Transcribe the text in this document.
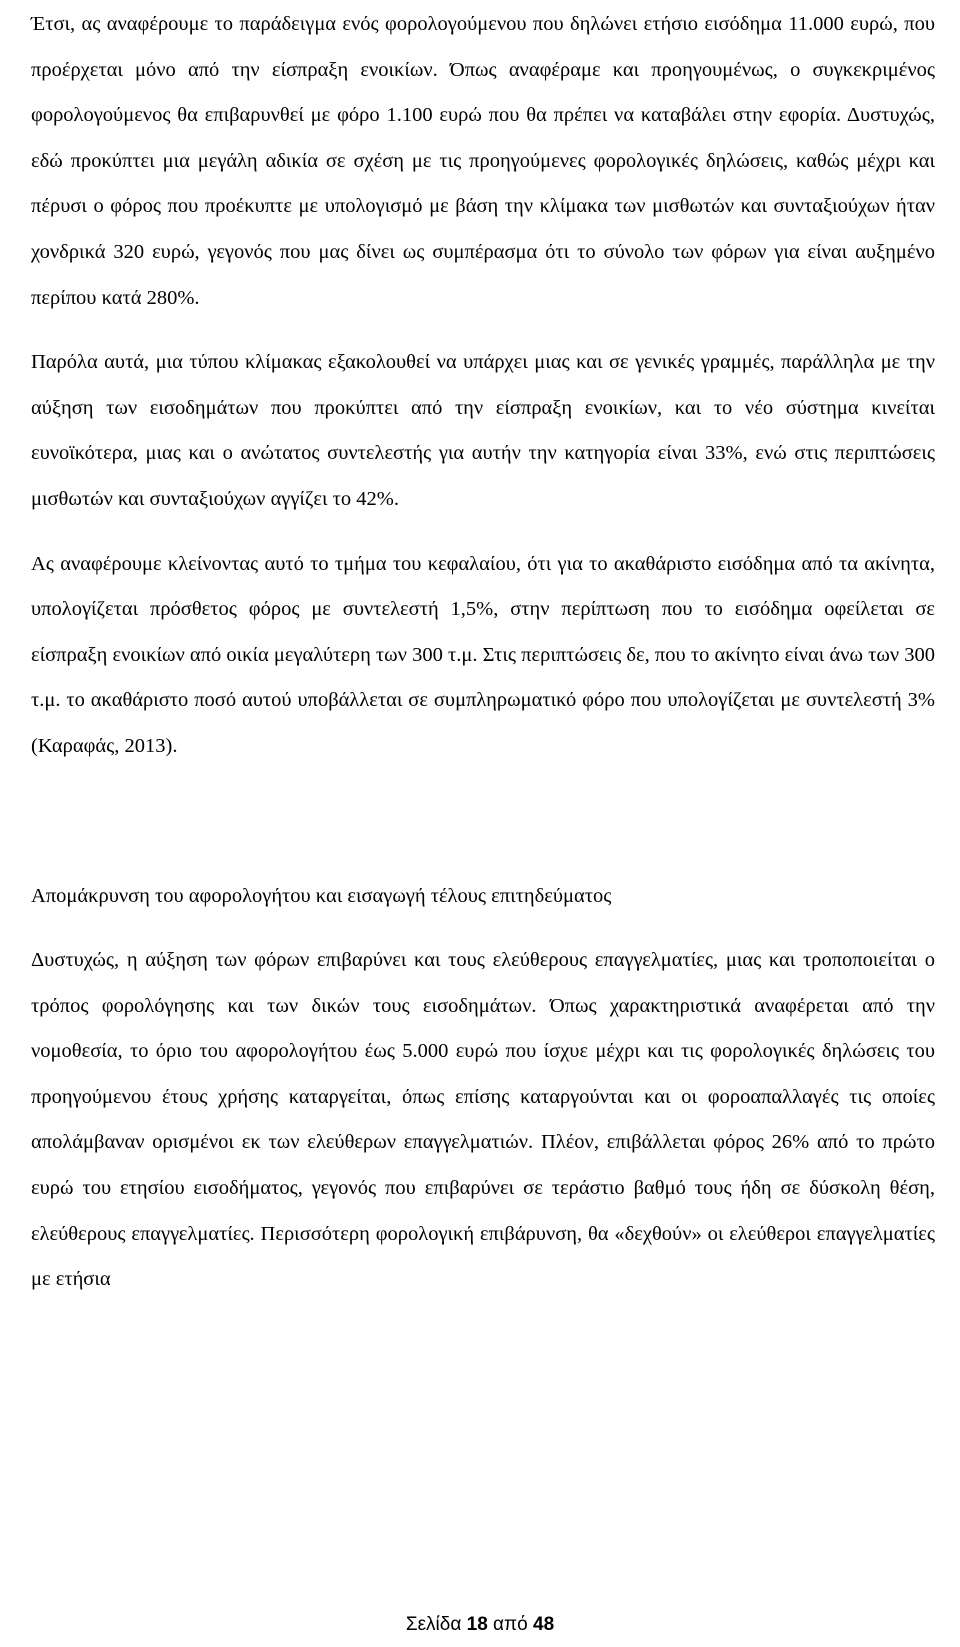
Έτσι, ας αναφέρουμε το παράδειγμα ενός φορολογούμενου που δηλώνει ετήσιο εισόδημα 11.000 ευρώ, που προέρχεται μόνο από την είσπραξη ενοικίων. Όπως αναφέραμε και προηγουμένως, ο συγκεκριμένος φορολογούμενος θα επιβαρυνθεί με φόρο 1.100 ευρώ που θα πρέπει να καταβάλει στην εφορία. Δυστυχώς, εδώ προκύπτει μια μεγάλη αδικία σε σχέση με τις προηγούμενες φορολογικές δηλώσεις, καθώς μέχρι και πέρυσι ο φόρος που προέκυπτε με υπολογισμό με βάση την κλίμακα των μισθωτών και συνταξιούχων ήταν χονδρικά 320 ευρώ, γεγονός που μας δίνει ως συμπέρασμα ότι το σύνολο των φόρων για είναι αυξημένο περίπου κατά 280%.

Παρόλα αυτά, μια τύπου κλίμακας εξακολουθεί να υπάρχει μιας και σε γενικές γραμμές, παράλληλα με την αύξηση των εισοδημάτων που προκύπτει από την είσπραξη ενοικίων, και το νέο σύστημα κινείται ευνοϊκότερα, μιας και ο ανώτατος συντελεστής για αυτήν την κατηγορία είναι 33%, ενώ στις περιπτώσεις μισθωτών και συνταξιούχων αγγίζει το 42%.

Ας αναφέρουμε κλείνοντας αυτό το τμήμα του κεφαλαίου, ότι για το ακαθάριστο εισόδημα από τα ακίνητα, υπολογίζεται πρόσθετος φόρος με συντελεστή 1,5%, στην περίπτωση που το εισόδημα οφείλεται σε είσπραξη ενοικίων από οικία μεγαλύτερη των 300 τ.μ. Στις περιπτώσεις δε, που το ακίνητο είναι άνω των 300 τ.μ. το ακαθάριστο ποσό αυτού υποβάλλεται σε συμπληρωματικό φόρο που υπολογίζεται με συντελεστή 3% (Καραφάς, 2013).

Απομάκρυνση του αφορολογήτου και εισαγωγή τέλους επιτηδεύματος

Δυστυχώς, η αύξηση των φόρων επιβαρύνει και τους ελεύθερους επαγγελματίες, μιας και τροποποιείται ο τρόπος φορολόγησης και των δικών τους εισοδημάτων. Όπως χαρακτηριστικά αναφέρεται από την νομοθεσία, το όριο του αφορολογήτου έως 5.000 ευρώ που ίσχυε μέχρι και τις φορολογικές δηλώσεις του προηγούμενου έτους χρήσης καταργείται, όπως επίσης καταργούνται και οι φοροαπαλλαγές τις οποίες απολάμβαναν ορισμένοι εκ των ελεύθερων επαγγελματιών. Πλέον, επιβάλλεται φόρος 26% από το πρώτο ευρώ του ετησίου εισοδήματος, γεγονός που επιβαρύνει σε τεράστιο βαθμό τους ήδη σε δύσκολη θέση, ελεύθερους επαγγελματίες. Περισσότερη φορολογική επιβάρυνση, θα «δεχθούν» οι ελεύθεροι επαγγελματίες με ετήσια

Σελίδα 18 από 48
